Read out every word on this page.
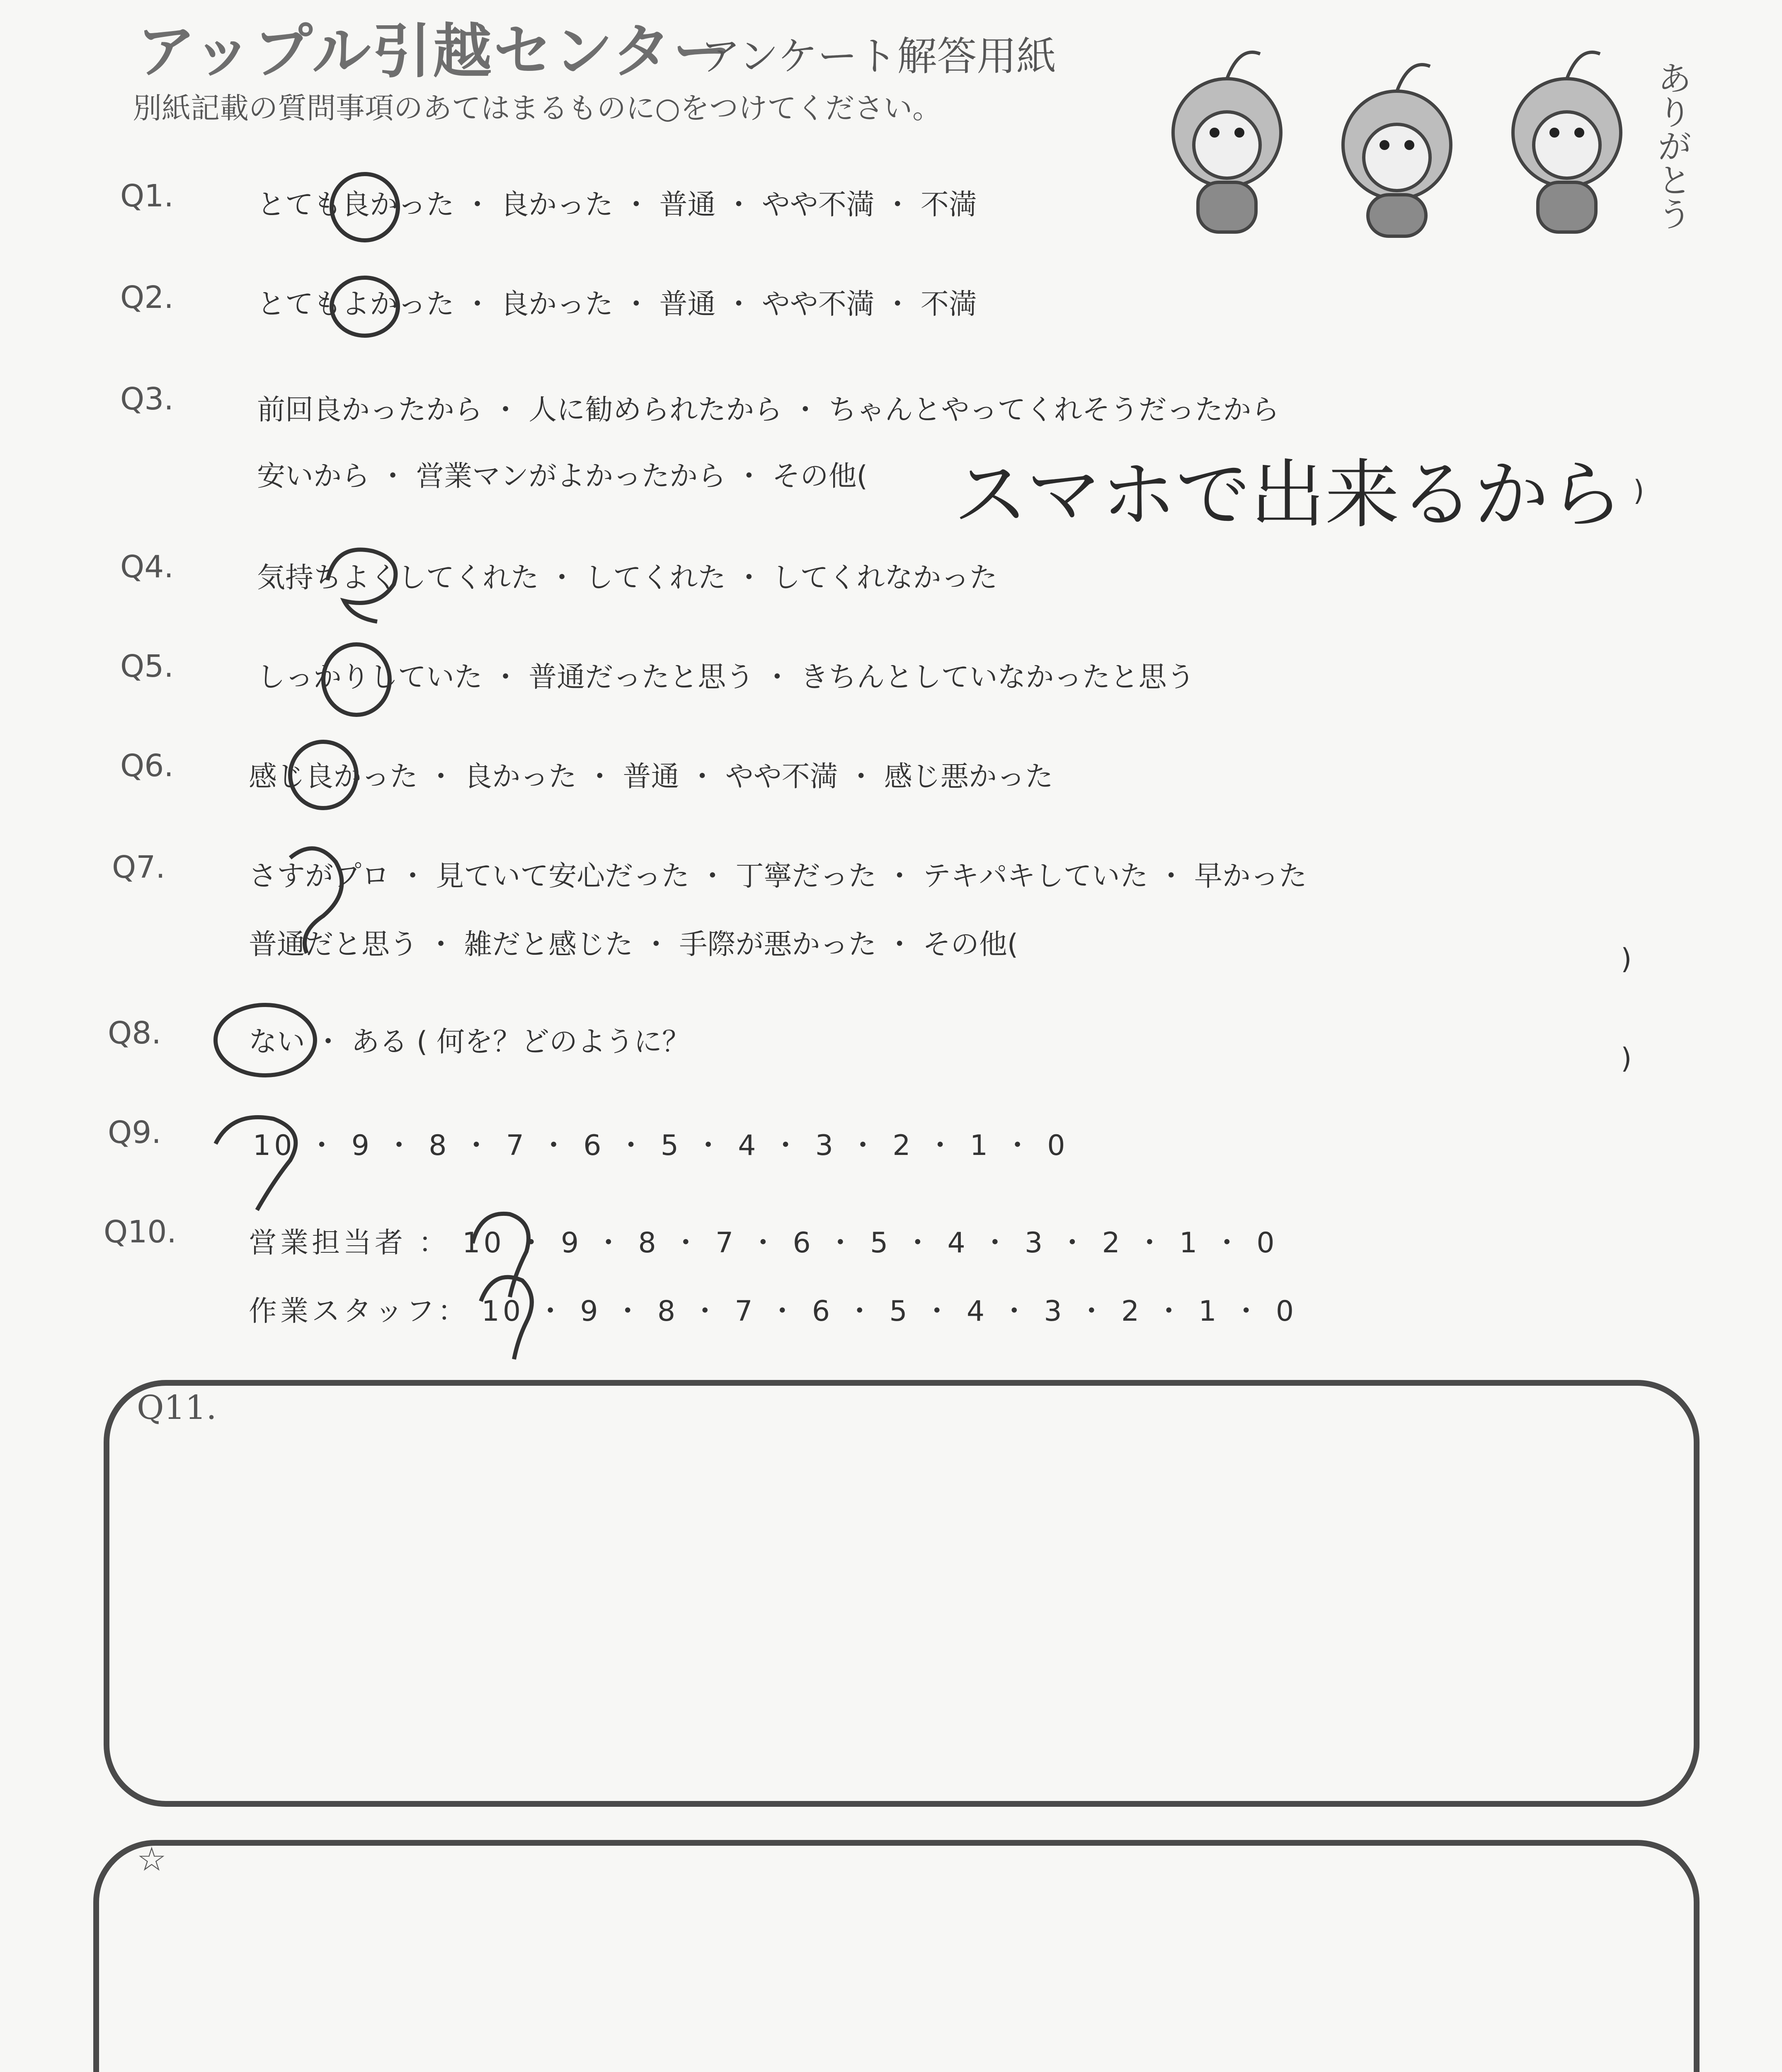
アップル引越センター
アンケート解答用紙
別紙記載の質問事項のあてはまるものに○をつけてください。
ありがとう
Q1.	とても良かった ・ 良かった ・ 普通 ・ やや不満 ・ 不満
Q2.	とてもよかった ・ 良かった ・ 普通 ・ やや不満 ・ 不満
Q3.	前回良かったから ・ 人に勧められたから ・ ちゃんとやってくれそうだったから
安いから ・ 営業マンがよかったから ・ その他( スマホで出来るから )
Q4.	気持ちよくしてくれた ・ してくれた ・ してくれなかった
Q5.	しっかりしていた ・ 普通だったと思う ・ きちんとしていなかったと思う
Q6.	感じ良かった ・ 良かった ・ 普通 ・ やや不満 ・ 感じ悪かった
Q7.	さすがプロ ・ 見ていて安心だった ・ 丁寧だった ・ テキパキしていた ・ 早かった
普通だと思う ・ 雑だと感じた ・ 手際が悪かった ・ その他(	)
Q8.	ない ・ ある ( 何を？どのように？
)
Q9.	10 ・ 9 ・ 8 ・ 7 ・ 6 ・ 5 ・ 4 ・ 3 ・ 2 ・ 1 ・ 0
Q10.	営業担当者 ： 10 ・ 9 ・ 8 ・ 7 ・ 6 ・ 5 ・ 4 ・ 3 ・ 2 ・ 1 ・ 0
作業スタッフ： 10 ・ 9 ・ 8 ・ 7 ・ 6 ・ 5 ・ 4 ・ 3 ・ 2 ・ 1 ・ 0
Q11.
☆
